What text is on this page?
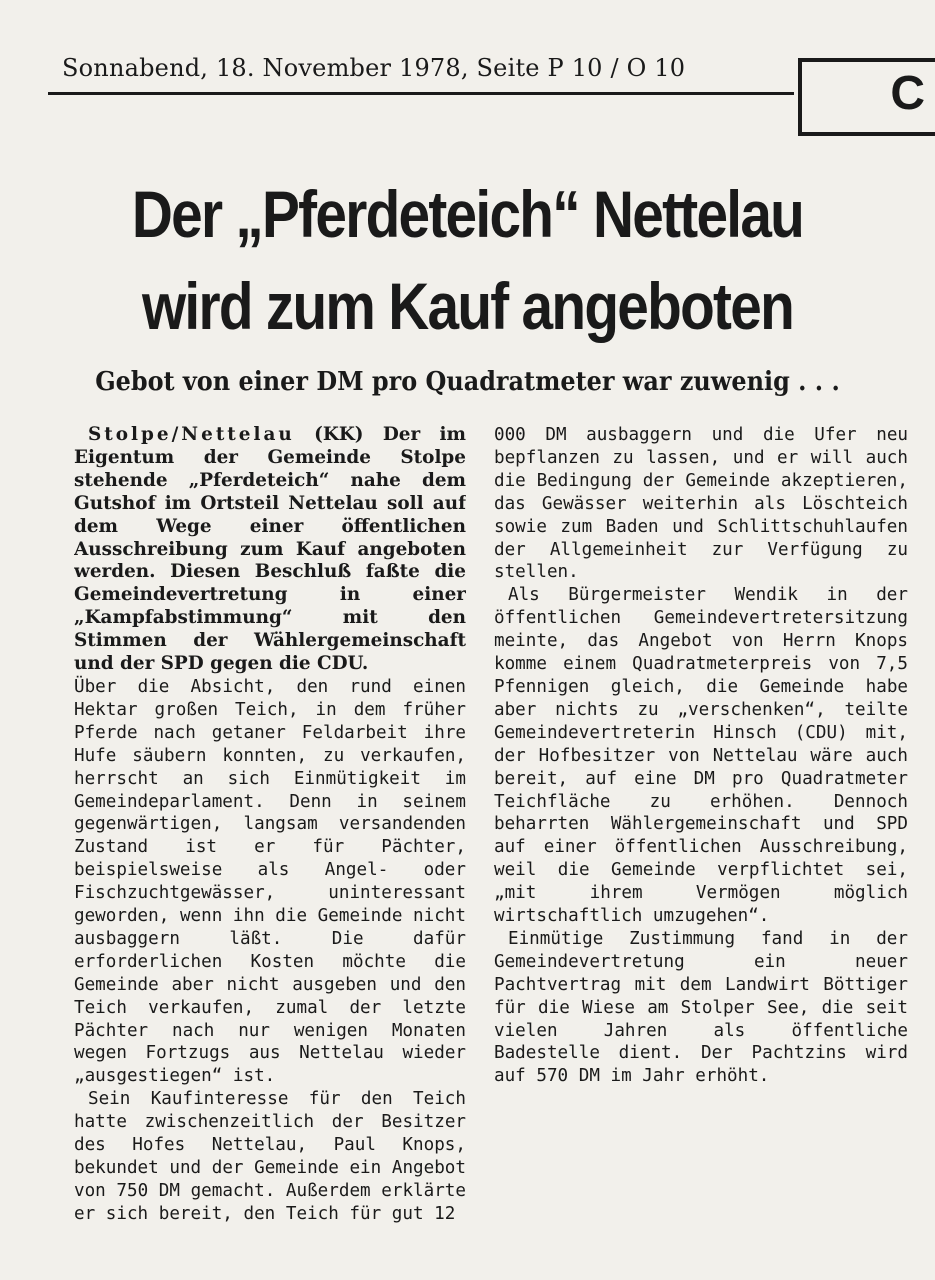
Sonnabend, 18. November 1978, Seite P 10 / O 10	C
Der „Pferdeteich“ Nettelau
wird zum Kauf angeboten
Gebot von einer DM pro Quadratmeter war zuwenig . . .

Stolpe/Nettelau (KK) Der im Eigentum der Gemeinde Stolpe stehende „Pferdeteich“ nahe dem Gutshof im Ortsteil Nettelau soll auf dem Wege einer öffentlichen Ausschreibung zum Kauf angeboten werden. Diesen Beschluß faßte die Gemeindevertretung in einer „Kampfabstimmung“ mit den Stimmen der Wählergemeinschaft und der SPD gegen die CDU.

Über die Absicht, den rund einen Hektar großen Teich, in dem früher Pferde nach getaner Feldarbeit ihre Hufe säubern konnten, zu verkaufen, herrscht an sich Einmütigkeit im Gemeindeparlament. Denn in seinem gegenwärtigen, langsam versandenden Zustand ist er für Pächter, beispielsweise als Angel- oder Fischzuchtgewässer, uninteressant geworden, wenn ihn die Gemeinde nicht ausbaggern läßt. Die dafür erforderlichen Kosten möchte die Gemeinde aber nicht ausgeben und den Teich verkaufen, zumal der letzte Pächter nach nur wenigen Monaten wegen Fortzugs aus Nettelau wieder „ausgestiegen“ ist.

Sein Kaufinteresse für den Teich hatte zwischenzeitlich der Besitzer des Hofes Nettelau, Paul Knops, bekundet und der Gemeinde ein Angebot von 750 DM gemacht. Außerdem erklärte er sich bereit, den Teich für gut 12

000 DM ausbaggern und die Ufer neu bepflanzen zu lassen, und er will auch die Bedingung der Gemeinde akzeptieren, das Gewässer weiterhin als Löschteich sowie zum Baden und Schlittschuhlaufen der Allgemeinheit zur Verfügung zu stellen.

Als Bürgermeister Wendik in der öffentlichen Gemeindevertretersitzung meinte, das Angebot von Herrn Knops komme einem Quadratmeterpreis von 7,5 Pfennigen gleich, die Gemeinde habe aber nichts zu „verschenken“, teilte Gemeindevertreterin Hinsch (CDU) mit, der Hofbesitzer von Nettelau wäre auch bereit, auf eine DM pro Quadratmeter Teichfläche zu erhöhen. Dennoch beharrten Wählergemeinschaft und SPD auf einer öffentlichen Ausschreibung, weil die Gemeinde verpflichtet sei, „mit ihrem Vermögen möglich wirtschaftlich umzugehen“.

Einmütige Zustimmung fand in der Gemeindevertretung ein neuer Pachtvertrag mit dem Landwirt Böttiger für die Wiese am Stolper See, die seit vielen Jahren als öffentliche Badestelle dient. Der Pachtzins wird auf 570 DM im Jahr erhöht.
